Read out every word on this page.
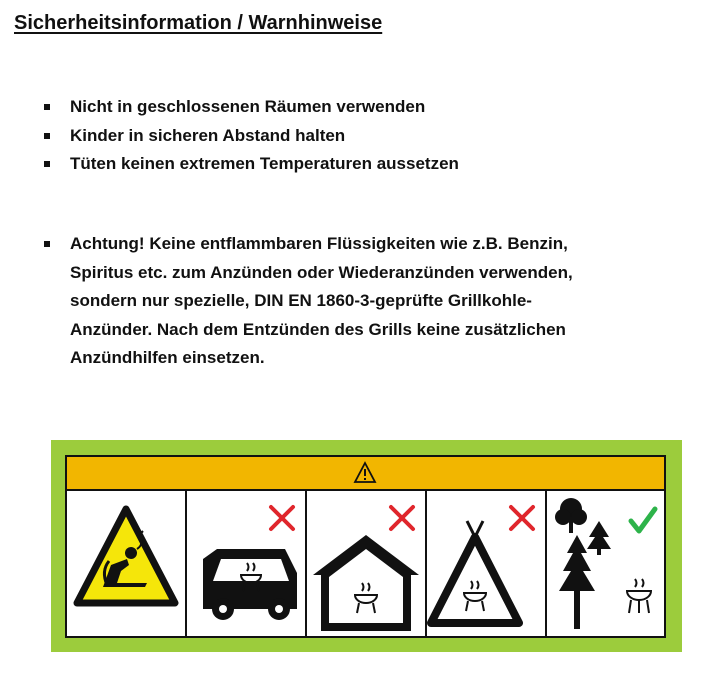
Sicherheitsinformation / Warnhinweise
Nicht in geschlossenen Räumen verwenden
Kinder in sicheren Abstand halten
Tüten keinen extremen Temperaturen aussetzen
Achtung! Keine entflammbaren Flüssigkeiten wie z.B. Benzin,
Spiritus etc. zum Anzünden oder Wiederanzünden verwenden,
sondern nur spezielle, DIN EN 1860-3-geprüfte Grillkohle-
Anzünder. Nach dem Entzünden des Grills keine zusätzlichen
Anzündhilfen einsetzen.
